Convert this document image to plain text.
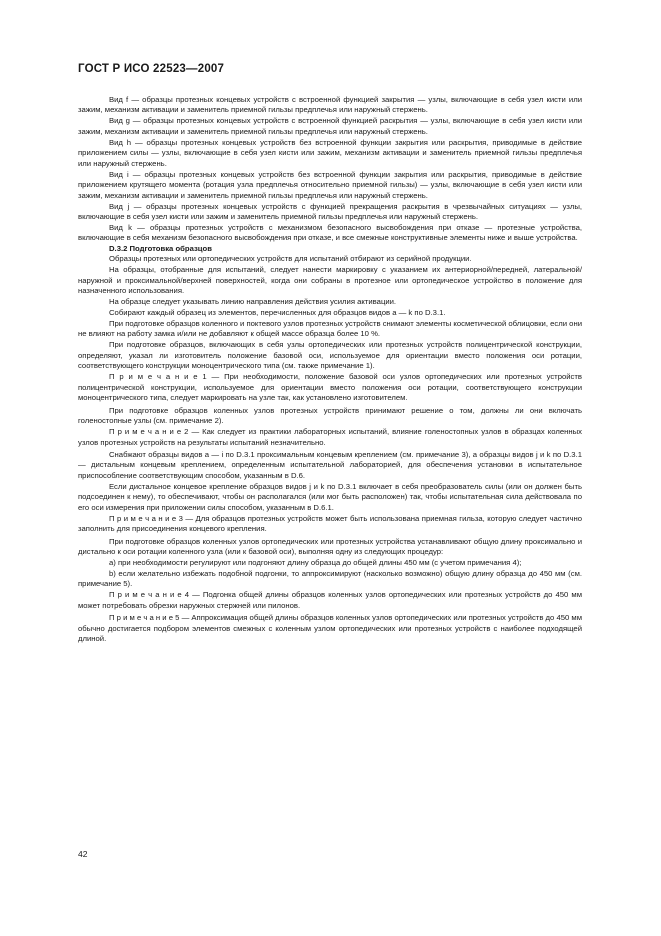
ГОСТ Р ИСО 22523—2007

Вид f — образцы протезных концевых устройств с встроенной функцией закрытия — узлы, включающие в себя узел кисти или зажим, механизм активации и заменитель приемной гильзы предплечья или наружный стержень.

Вид g — образцы протезных концевых устройств с встроенной функцией раскрытия — узлы, включающие в себя узел кисти или зажим, механизм активации и заменитель приемной гильзы предплечья или наружный стержень.

Вид h — образцы протезных концевых устройств без встроенной функции закрытия или раскрытия, приводимые в действие приложением силы — узлы, включающие в себя узел кисти или зажим, механизм активации и заменитель приемной гильзы предплечья или наружный стержень.

Вид i — образцы протезных концевых устройств без встроенной функции закрытия или раскрытия, приводимые в действие приложением крутящего момента (ротация узла предплечья относительно приемной гильзы) — узлы, включающие в себя узел кисти или зажим, механизм активации и заменитель приемной гильзы предплечья или наружный стержень.

Вид j — образцы протезных концевых устройств с функцией прекращения раскрытия в чрезвычайных ситуациях — узлы, включающие в себя узел кисти или зажим и заменитель приемной гильзы предплечья или наружный стержень.

Вид k — образцы протезных устройств с механизмом безопасного высвобождения при отказе — протезные устройства, включающие в себя механизм безопасного высвобождения при отказе, и все смежные конструктивные элементы ниже и выше устройства.

D.3.2 Подготовка образцов

Образцы протезных или ортопедических устройств для испытаний отбирают из серийной продукции.

На образцы, отобранные для испытаний, следует нанести маркировку с указанием их антериорной/передней, латеральной/наружной и проксимальной/верхней поверхностей, когда они собраны в протезное или ортопедическое устройство в положение для назначенного использования.

На образце следует указывать линию направления действия усилия активации.

Собирают каждый образец из элементов, перечисленных для образцов видов а — k по D.3.1.

При подготовке образцов коленного и поктевого узлов протезных устройств снимают элементы косметической облицовки, если они не влияют на работу замка и/или не добавляют к общей массе образца более 10 %.

При подготовке образцов, включающих в себя узлы ортопедических или протезных устройств полицентрической конструкции, определяют, указал ли изготовитель положение базовой оси, используемое для ориентации вместо положения оси ротации, соответствующего конструкции моноцентрического типа (см. также примечание 1).

П р и м е ч а н и е 1 — При необходимости, положение базовой оси узлов ортопедических или протезных устройств полицентрической конструкции, используемое для ориентации вместо положения оси ротации, соответствующего конструкции моноцентрического типа, следует маркировать на узле так, как установлено изготовителем.

При подготовке образцов коленных узлов протезных устройств принимают решение о том, должны ли они включать голеностопные узлы (см. примечание 2).

П р и м е ч а н и е 2 — Как следует из практики лабораторных испытаний, влияние голеностопных узлов в образцах коленных узлов протезных устройств на результаты испытаний незначительно.

Снабжают образцы видов а — i по D.3.1 проксимальным концевым креплением (см. примечание 3), а образцы видов j и k по D.3.1 — дистальным концевым креплением, определенным испытательной лабораторией, для обеспечения установки в испытательное приспособление соответствующим способом, указанным в D.6.

Если дистальное концевое крепление образцов видов j и k по D.3.1 включает в себя преобразователь силы (или он должен быть подсоединен к нему), то обеспечивают, чтобы он располагался (или мог быть расположен) так, чтобы испытательная сила действовала по его оси измерения при приложении силы способом, указанным в D.6.1.

П р и м е ч а н и е 3 — Для образцов протезных устройств может быть использована приемная гильза, которую следует частично заполнить для присоединения концевого крепления.

При подготовке образцов коленных узлов ортопедических или протезных устройства устанавливают общую длину проксимально и дистально к оси ротации коленного узла (или к базовой оси), выполняя одну из следующих процедур:

а) при необходимости регулируют или подгоняют длину образца до общей длины 450 мм (с учетом примечания 4);

b) если желательно избежать подобной подгонки, то аппроксимируют (насколько возможно) общую длину образца до 450 мм (см. примечание 5).

П р и м е ч а н и е 4 — Подгонка общей длины образцов коленных узлов ортопедических или протезных устройств до 450 мм может потребовать обрезки наружных стержней или пилонов.

П р и м е ч а н и е 5 — Аппроксимация общей длины образцов коленных узлов ортопедических или протезных устройств до 450 мм обычно достигается подбором элементов смежных с коленным узлом ортопедических или протезных устройств с наиболее подходящей длиной.

42
